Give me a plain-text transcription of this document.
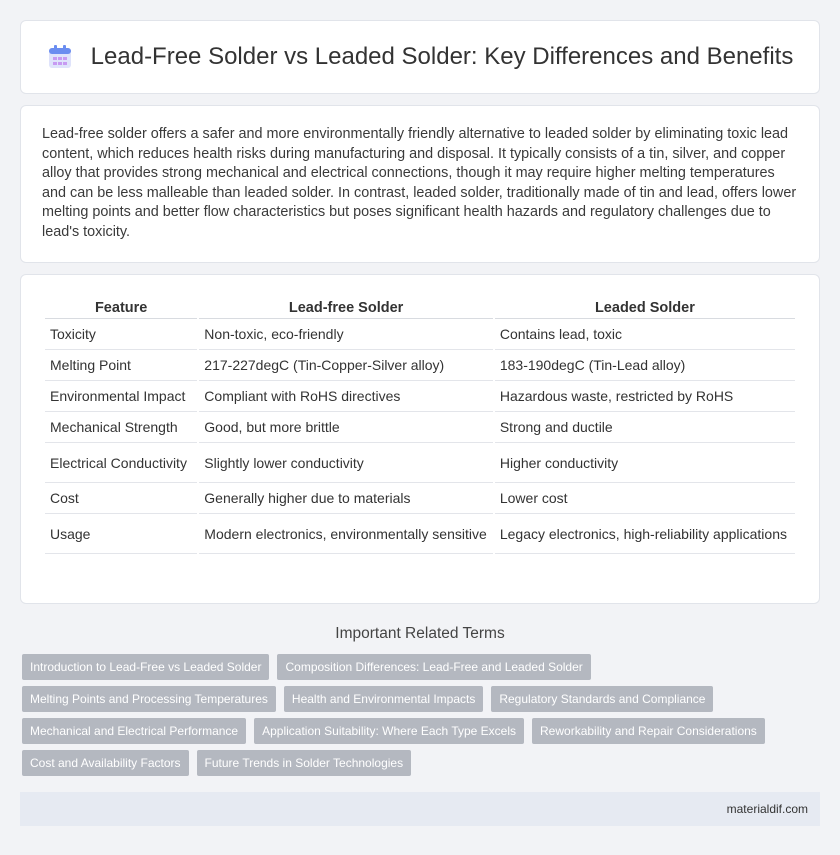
Lead-Free Solder vs Leaded Solder: Key Differences and Benefits

Lead-free solder offers a safer and more environmentally friendly alternative to leaded solder by eliminating toxic lead content, which reduces health risks during manufacturing and disposal. It typically consists of a tin, silver, and copper alloy that provides strong mechanical and electrical connections, though it may require higher melting temperatures and can be less malleable than leaded solder. In contrast, leaded solder, traditionally made of tin and lead, offers lower melting points and better flow characteristics but poses significant health hazards and regulatory challenges due to lead's toxicity.

Feature	Lead-free Solder	Leaded Solder
Toxicity	Non-toxic, eco-friendly	Contains lead, toxic
Melting Point	217-227degC (Tin-Copper-Silver alloy)	183-190degC (Tin-Lead alloy)
Environmental Impact	Compliant with RoHS directives	Hazardous waste, restricted by RoHS
Mechanical Strength	Good, but more brittle	Strong and ductile
Electrical Conductivity	Slightly lower conductivity	Higher conductivity
Cost	Generally higher due to materials	Lower cost
Usage	Modern electronics, environmentally sensitive	Legacy electronics, high-reliability applications
Important Related Terms
Introduction to Lead-Free vs Leaded Solder	Composition Differences: Lead-Free and Leaded Solder
Melting Points and Processing Temperatures	Health and Environmental Impacts	Regulatory Standards and Compliance
Mechanical and Electrical Performance	Application Suitability: Where Each Type Excels	Reworkability and Repair Considerations
Cost and Availability Factors	Future Trends in Solder Technologies
materialdif.com
